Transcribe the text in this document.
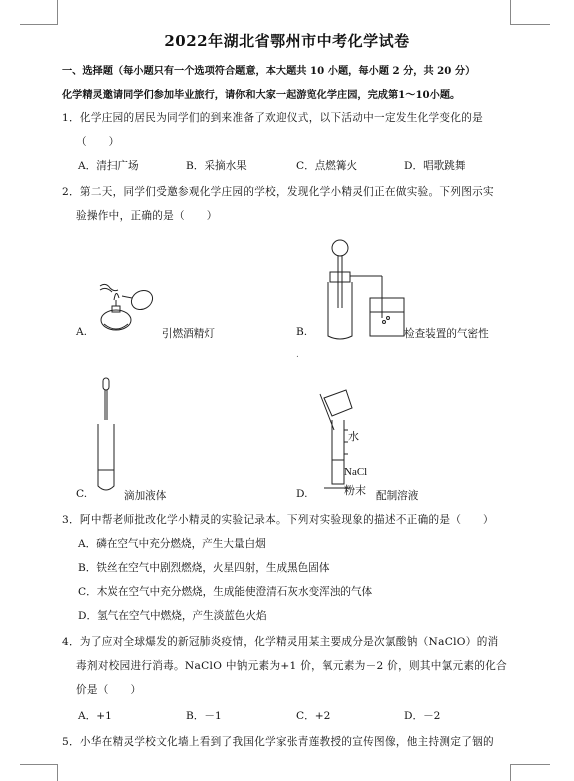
2022年湖北省鄂州市中考化学试卷
一、选择题（每小题只有一个选项符合题意，本大题共 10 小题，每小题 2 分，共 20 分）
化学精灵邀请同学们参加毕业旅行，请你和大家一起游览化学庄园，完成第1～10小题。
1．化学庄园的居民为同学们的到来准备了欢迎仪式，以下活动中一定发生化学变化的是
（　　）
A．清扫广场	B．采摘水果	C．点燃篝火	D．唱歌跳舞
2．第二天，同学们受邀参观化学庄园的学校，发现化学小精灵们正在做实验。下列图示实
验操作中，正确的是（　　）
A.	引燃酒精灯	B.	检查装置的气密性
.
C.	滴加液体
水
NaCl
粉末
D.	配制溶液
3．阿中帮老师批改化学小精灵的实验记录本。下列对实验现象的描述不正确的是（　　）
A．磷在空气中充分燃烧，产生大量白烟
B．铁丝在空气中剧烈燃烧，火星四射，生成黑色固体
C．木炭在空气中充分燃烧，生成能使澄清石灰水变浑浊的气体
D．氢气在空气中燃烧，产生淡蓝色火焰
4．为了应对全球爆发的新冠肺炎疫情，化学精灵用某主要成分是次氯酸钠（NaClO）的消
毒剂对校园进行消毒。NaClO 中钠元素为+1 价，氧元素为－2 价，则其中氯元素的化合
价是（　　）
A．+1	B．－1	C．+2	D．－2
5．小华在精灵学校文化墙上看到了我国化学家张青莲教授的宣传图像，他主持测定了铟的
